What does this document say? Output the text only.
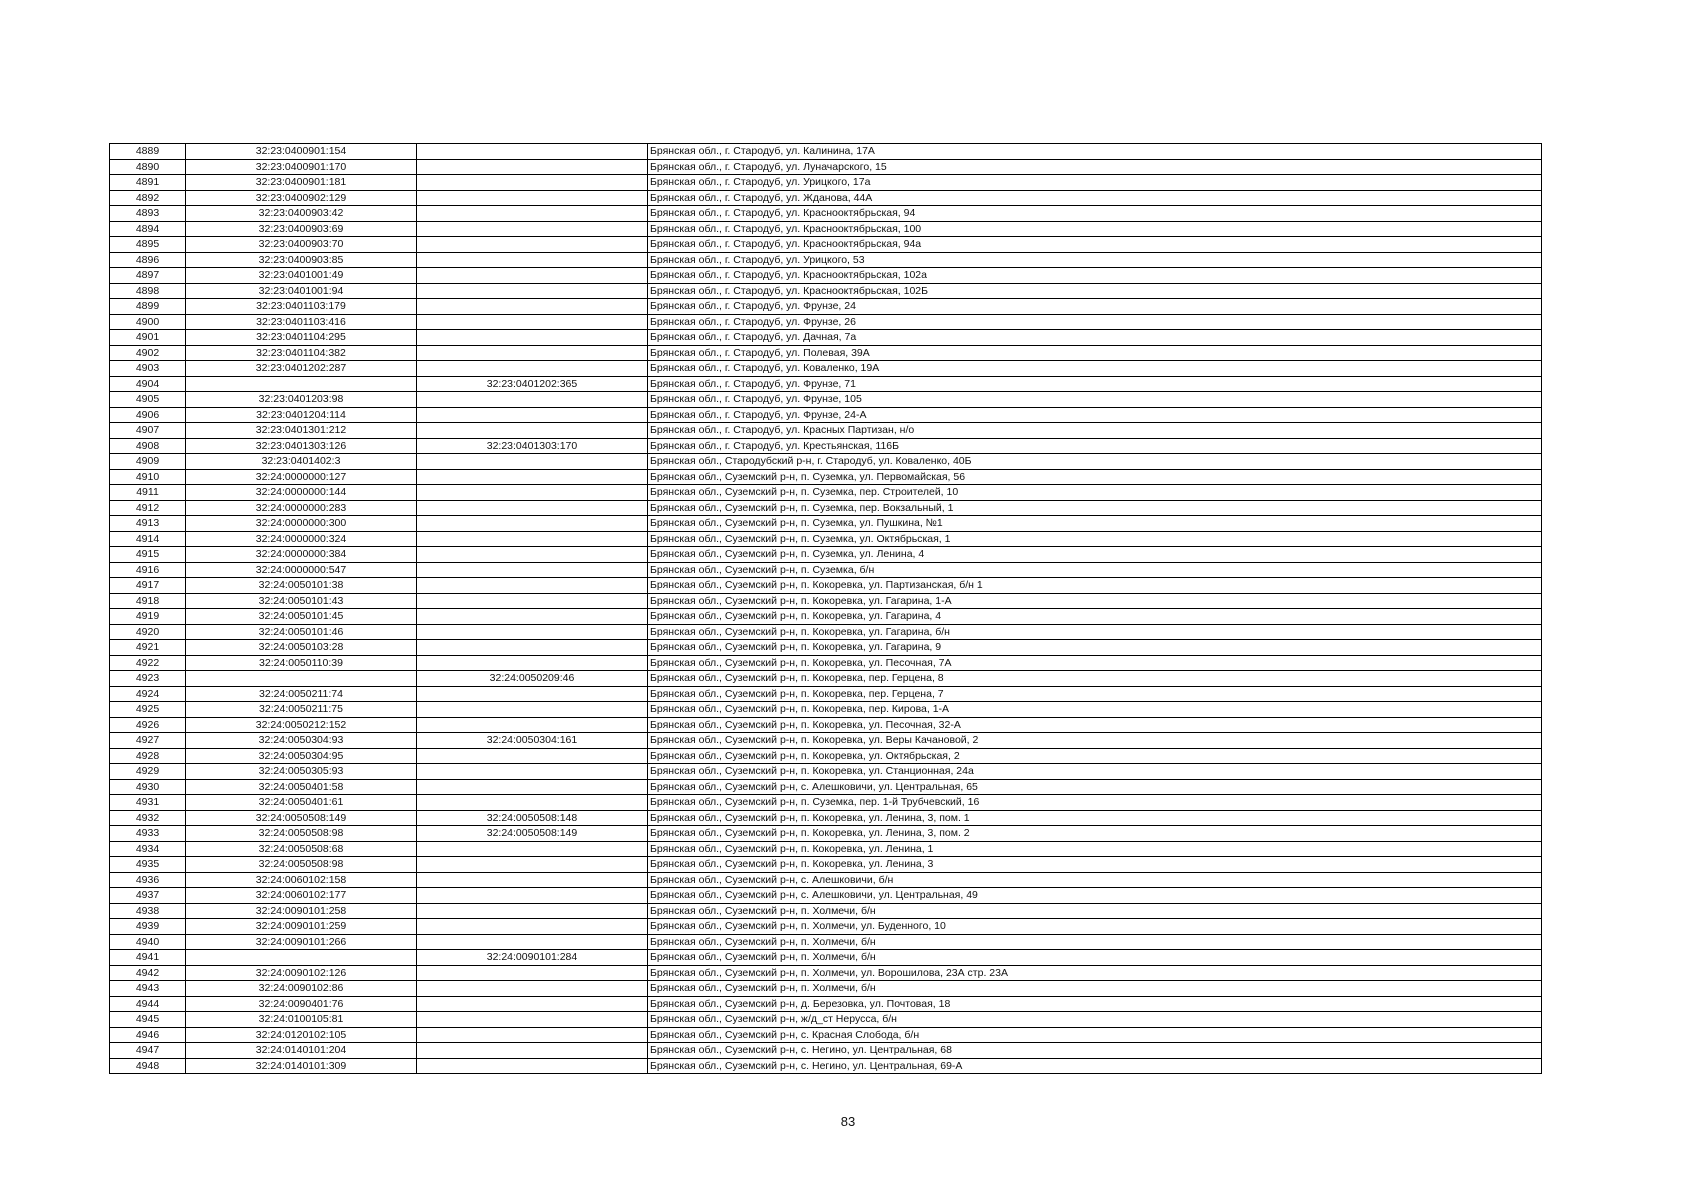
4889	32:23:0400901:154		Брянская обл., г. Стародуб, ул. Калинина, 17А
4890	32:23:0400901:170		Брянская обл., г. Стародуб, ул. Луначарского, 15
4891	32:23:0400901:181		Брянская обл., г. Стародуб, ул. Урицкого, 17а
4892	32:23:0400902:129		Брянская обл., г. Стародуб, ул. Жданова, 44А
4893	32:23:0400903:42		Брянская обл., г. Стародуб, ул. Краснооктябрьская, 94
4894	32:23:0400903:69		Брянская обл., г. Стародуб, ул. Краснооктябрьская, 100
4895	32:23:0400903:70		Брянская обл., г. Стародуб, ул. Краснооктябрьская, 94а
4896	32:23:0400903:85		Брянская обл., г. Стародуб, ул. Урицкого, 53
4897	32:23:0401001:49		Брянская обл., г. Стародуб, ул. Краснооктябрьская, 102а
4898	32:23:0401001:94		Брянская обл., г. Стародуб, ул. Краснооктябрьская, 102Б
4899	32:23:0401103:179		Брянская обл., г. Стародуб, ул. Фрунзе, 24
4900	32:23:0401103:416		Брянская обл., г. Стародуб, ул. Фрунзе, 26
4901	32:23:0401104:295		Брянская обл., г. Стародуб, ул. Дачная, 7а
4902	32:23:0401104:382		Брянская обл., г. Стародуб, ул. Полевая, 39А
4903	32:23:0401202:287		Брянская обл., г. Стародуб, ул. Коваленко, 19А
4904		32:23:0401202:365	Брянская обл., г. Стародуб, ул. Фрунзе, 71
4905	32:23:0401203:98		Брянская обл., г. Стародуб, ул. Фрунзе, 105
4906	32:23:0401204:114		Брянская обл., г. Стародуб, ул. Фрунзе, 24-А
4907	32:23:0401301:212		Брянская обл., г. Стародуб, ул. Красных Партизан, н/о
4908	32:23:0401303:126	32:23:0401303:170	Брянская обл., г. Стародуб, ул. Крестьянская, 116Б
4909	32:23:0401402:3		Брянская обл., Стародубский р-н, г. Стародуб, ул. Коваленко, 40Б
4910	32:24:0000000:127		Брянская обл., Суземский р-н, п. Суземка, ул. Первомайская, 56
4911	32:24:0000000:144		Брянская обл., Суземский р-н, п. Суземка, пер. Строителей, 10
4912	32:24:0000000:283		Брянская обл., Суземский р-н, п. Суземка, пер. Вокзальный, 1
4913	32:24:0000000:300		Брянская обл., Суземский р-н, п. Суземка, ул. Пушкина, №1
4914	32:24:0000000:324		Брянская обл., Суземский р-н, п. Суземка, ул. Октябрьская, 1
4915	32:24:0000000:384		Брянская обл., Суземский р-н, п. Суземка, ул. Ленина, 4
4916	32:24:0000000:547		Брянская обл., Суземский р-н, п. Суземка, б/н
4917	32:24:0050101:38		Брянская обл., Суземский р-н, п. Кокоревка, ул. Партизанская, б/н 1
4918	32:24:0050101:43		Брянская обл., Суземский р-н, п. Кокоревка, ул. Гагарина, 1-А
4919	32:24:0050101:45		Брянская обл., Суземский р-н, п. Кокоревка, ул. Гагарина, 4
4920	32:24:0050101:46		Брянская обл., Суземский р-н, п. Кокоревка, ул. Гагарина, б/н
4921	32:24:0050103:28		Брянская обл., Суземский р-н, п. Кокоревка, ул. Гагарина, 9
4922	32:24:0050110:39		Брянская обл., Суземский р-н, п. Кокоревка, ул. Песочная, 7А
4923		32:24:0050209:46	Брянская обл., Суземский р-н, п. Кокоревка, пер. Герцена, 8
4924	32:24:0050211:74		Брянская обл., Суземский р-н, п. Кокоревка, пер. Герцена, 7
4925	32:24:0050211:75		Брянская обл., Суземский р-н, п. Кокоревка, пер. Кирова, 1-А
4926	32:24:0050212:152		Брянская обл., Суземский р-н, п. Кокоревка, ул. Песочная, 32-А
4927	32:24:0050304:93	32:24:0050304:161	Брянская обл., Суземский р-н, п. Кокоревка, ул. Веры Качановой, 2
4928	32:24:0050304:95		Брянская обл., Суземский р-н, п. Кокоревка, ул. Октябрьская, 2
4929	32:24:0050305:93		Брянская обл., Суземский р-н, п. Кокоревка, ул. Станционная, 24а
4930	32:24:0050401:58		Брянская обл., Суземский р-н, с. Алешковичи, ул. Центральная, 65
4931	32:24:0050401:61		Брянская обл., Суземский р-н, п. Суземка, пер. 1-й Трубчевский, 16
4932	32:24:0050508:149	32:24:0050508:148	Брянская обл., Суземский р-н, п. Кокоревка, ул. Ленина, 3, пом. 1
4933	32:24:0050508:98	32:24:0050508:149	Брянская обл., Суземский р-н, п. Кокоревка, ул. Ленина, 3, пом. 2
4934	32:24:0050508:68		Брянская обл., Суземский р-н, п. Кокоревка, ул. Ленина, 1
4935	32:24:0050508:98		Брянская обл., Суземский р-н, п. Кокоревка, ул. Ленина, 3
4936	32:24:0060102:158		Брянская обл., Суземский р-н, с. Алешковичи, б/н
4937	32:24:0060102:177		Брянская обл., Суземский р-н, с. Алешковичи, ул. Центральная, 49
4938	32:24:0090101:258		Брянская обл., Суземский р-н, п. Холмечи, б/н
4939	32:24:0090101:259		Брянская обл., Суземский р-н, п. Холмечи, ул. Буденного, 10
4940	32:24:0090101:266		Брянская обл., Суземский р-н, п. Холмечи, б/н
4941		32:24:0090101:284	Брянская обл., Суземский р-н, п. Холмечи, б/н
4942	32:24:0090102:126		Брянская обл., Суземский р-н, п. Холмечи, ул. Ворошилова, 23А стр. 23А
4943	32:24:0090102:86		Брянская обл., Суземский р-н, п. Холмечи, б/н
4944	32:24:0090401:76		Брянская обл., Суземский р-н, д. Березовка, ул. Почтовая, 18
4945	32:24:0100105:81		Брянская обл., Суземский р-н, ж/д_ст Нерусса, б/н
4946	32:24:0120102:105		Брянская обл., Суземский р-н, с. Красная Слобода, б/н
4947	32:24:0140101:204		Брянская обл., Суземский р-н, с. Негино, ул. Центральная, 68
4948	32:24:0140101:309		Брянская обл., Суземский р-н, с. Негино, ул. Центральная, 69-А
83
